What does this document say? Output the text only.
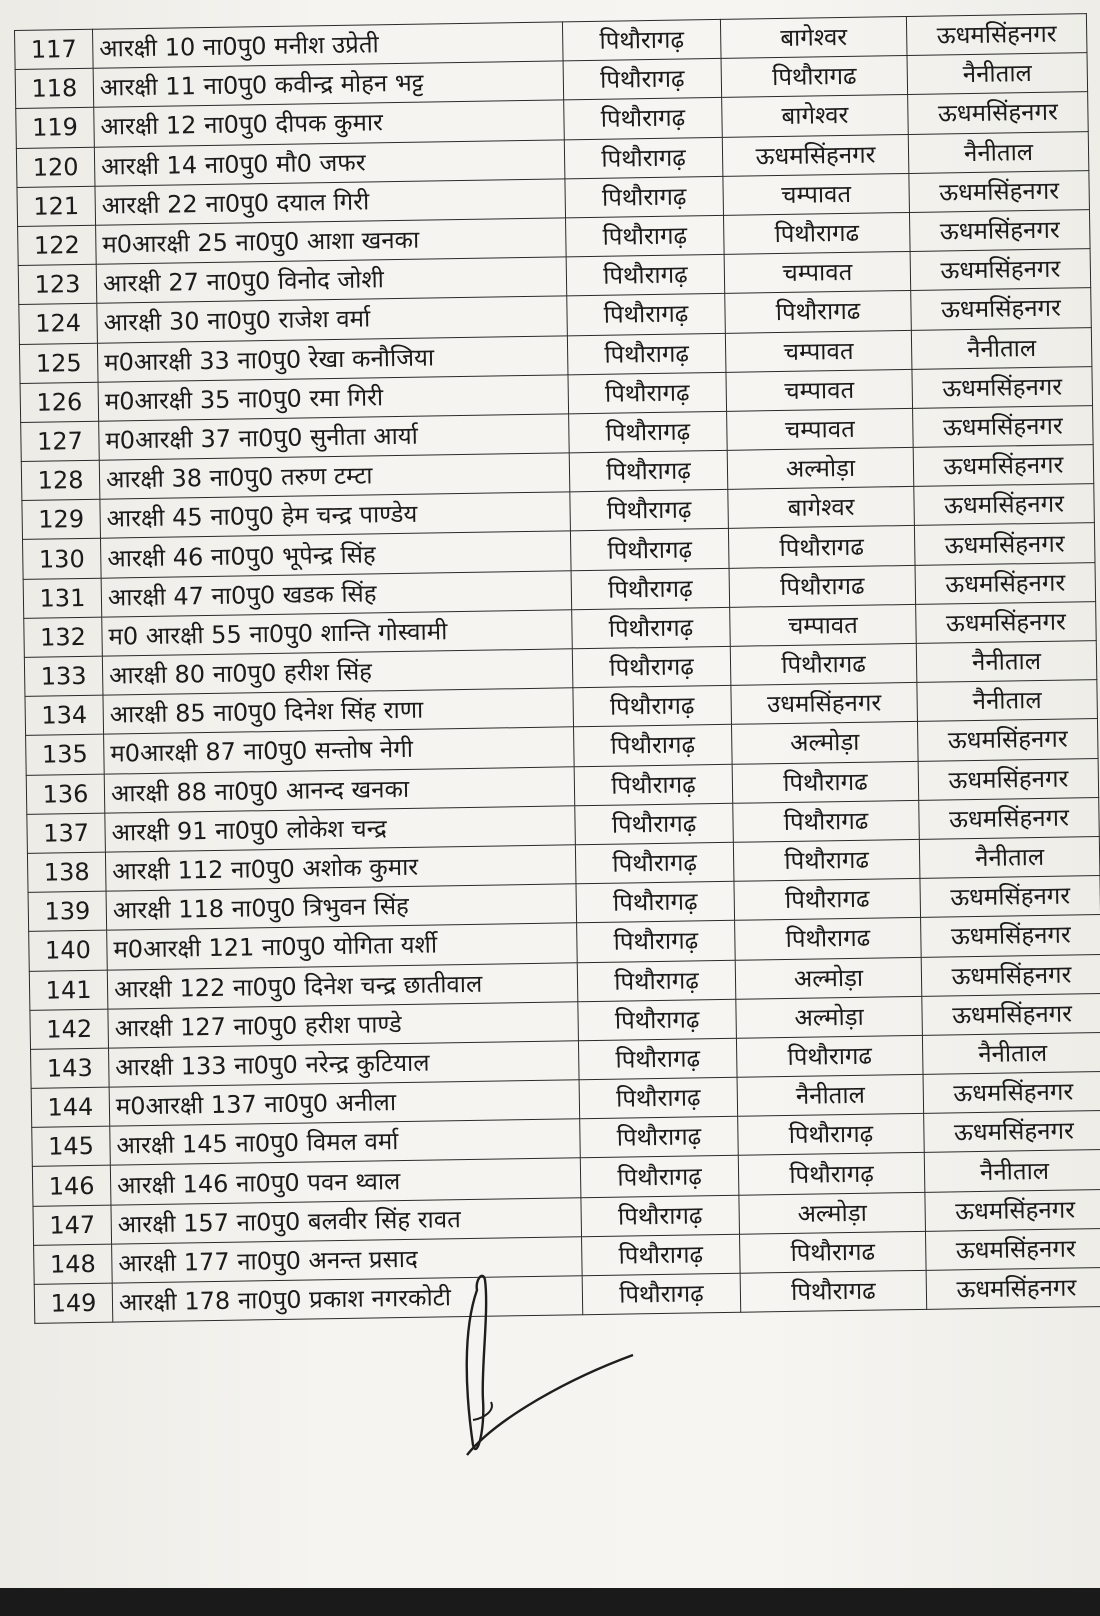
117	आरक्षी 10 ना0पु0 मनीश उप्रेती	पिथौरागढ़	बागेश्वर	ऊधमसिंहनगर
118	आरक्षी 11 ना0पु0 कवीन्द्र मोहन भट्ट	पिथौरागढ़	पिथौरागढ	नैनीताल
119	आरक्षी 12 ना0पु0 दीपक कुमार	पिथौरागढ़	बागेश्वर	ऊधमसिंहनगर
120	आरक्षी 14 ना0पु0 मौ0 जफर	पिथौरागढ़	ऊधमसिंहनगर	नैनीताल
121	आरक्षी 22 ना0पु0 दयाल गिरी	पिथौरागढ़	चम्पावत	ऊधमसिंहनगर
122	म0आरक्षी 25 ना0पु0 आशा खनका	पिथौरागढ़	पिथौरागढ	ऊधमसिंहनगर
123	आरक्षी 27 ना0पु0 विनोद जोशी	पिथौरागढ़	चम्पावत	ऊधमसिंहनगर
124	आरक्षी 30 ना0पु0 राजेश वर्मा	पिथौरागढ़	पिथौरागढ	ऊधमसिंहनगर
125	म0आरक्षी 33 ना0पु0 रेखा कनौजिया	पिथौरागढ़	चम्पावत	नैनीताल
126	म0आरक्षी 35 ना0पु0 रमा गिरी	पिथौरागढ़	चम्पावत	ऊधमसिंहनगर
127	म0आरक्षी 37 ना0पु0 सुनीता आर्या	पिथौरागढ़	चम्पावत	ऊधमसिंहनगर
128	आरक्षी 38 ना0पु0 तरुण टम्टा	पिथौरागढ़	अल्मोड़ा	ऊधमसिंहनगर
129	आरक्षी 45 ना0पु0 हेम चन्द्र पाण्डेय	पिथौरागढ़	बागेश्वर	ऊधमसिंहनगर
130	आरक्षी 46 ना0पु0 भूपेन्द्र सिंह	पिथौरागढ़	पिथौरागढ	ऊधमसिंहनगर
131	आरक्षी 47 ना0पु0 खडक सिंह	पिथौरागढ़	पिथौरागढ	ऊधमसिंहनगर
132	म0 आरक्षी 55 ना0पु0 शान्ति गोस्वामी	पिथौरागढ़	चम्पावत	ऊधमसिंहनगर
133	आरक्षी 80 ना0पु0 हरीश सिंह	पिथौरागढ़	पिथौरागढ	नैनीताल
134	आरक्षी 85 ना0पु0 दिनेश सिंह राणा	पिथौरागढ़	उधमसिंहनगर	नैनीताल
135	म0आरक्षी 87 ना0पु0 सन्तोष नेगी	पिथौरागढ़	अल्मोड़ा	ऊधमसिंहनगर
136	आरक्षी 88 ना0पु0 आनन्द खनका	पिथौरागढ़	पिथौरागढ	ऊधमसिंहनगर
137	आरक्षी 91 ना0पु0 लोकेश चन्द्र	पिथौरागढ़	पिथौरागढ	ऊधमसिंहनगर
138	आरक्षी 112 ना0पु0 अशोक कुमार	पिथौरागढ़	पिथौरागढ	नैनीताल
139	आरक्षी 118 ना0पु0 त्रिभुवन सिंह	पिथौरागढ़	पिथौरागढ	ऊधमसिंहनगर
140	म0आरक्षी 121 ना0पु0 योगिता यर्शी	पिथौरागढ़	पिथौरागढ	ऊधमसिंहनगर
141	आरक्षी 122 ना0पु0 दिनेश चन्द्र छातीवाल	पिथौरागढ़	अल्मोड़ा	ऊधमसिंहनगर
142	आरक्षी 127 ना0पु0 हरीश पाण्डे	पिथौरागढ़	अल्मोड़ा	ऊधमसिंहनगर
143	आरक्षी 133 ना0पु0 नरेन्द्र कुटियाल	पिथौरागढ़	पिथौरागढ	नैनीताल
144	म0आरक्षी 137 ना0पु0 अनीला	पिथौरागढ़	नैनीताल	ऊधमसिंहनगर
145	आरक्षी 145 ना0पु0 विमल वर्मा	पिथौरागढ़	पिथौरागढ़	ऊधमसिंहनगर
146	आरक्षी 146 ना0पु0 पवन थ्वाल	पिथौरागढ़	पिथौरागढ़	नैनीताल
147	आरक्षी 157 ना0पु0 बलवीर सिंह रावत	पिथौरागढ़	अल्मोड़ा	ऊधमसिंहनगर
148	आरक्षी 177 ना0पु0 अनन्त प्रसाद	पिथौरागढ़	पिथौरागढ	ऊधमसिंहनगर
149	आरक्षी 178 ना0पु0 प्रकाश नगरकोटी	पिथौरागढ़	पिथौरागढ	ऊधमसिंहनगर
